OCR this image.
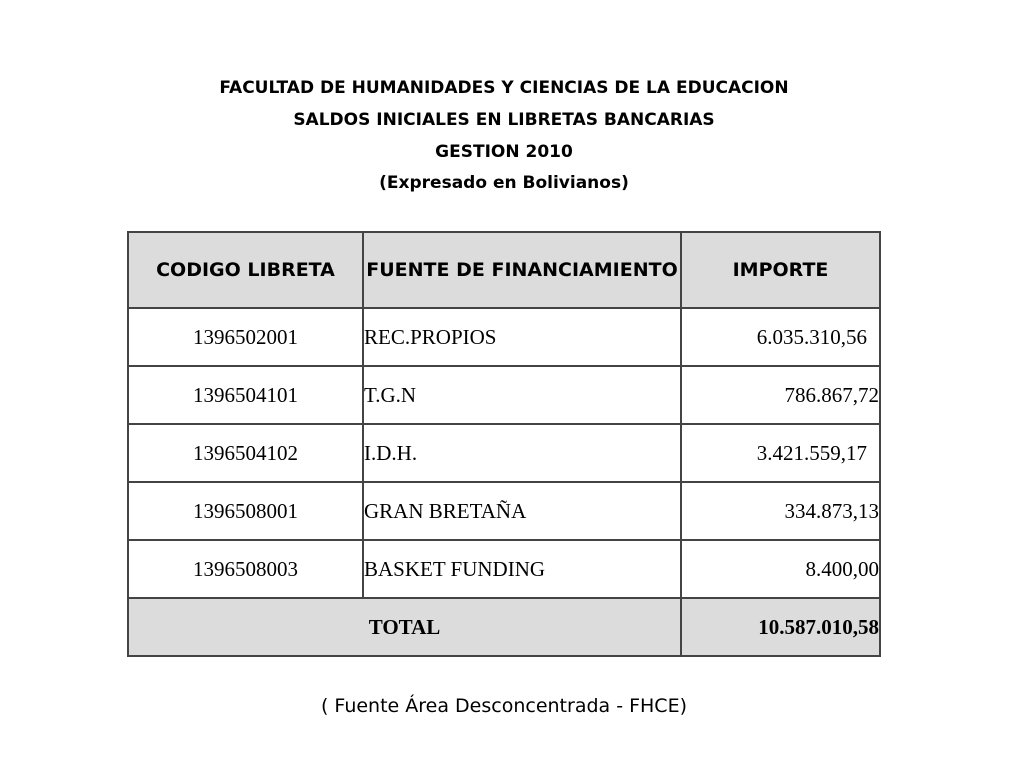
FACULTAD DE HUMANIDADES Y CIENCIAS DE LA EDUCACION
SALDOS INICIALES EN LIBRETAS BANCARIAS
GESTION 2010
(Expresado en Bolivianos)
CODIGO LIBRETA	FUENTE DE FINANCIAMIENTO	IMPORTE
1396502001	REC.PROPIOS	6.035.310,56
1396504101	T.G.N	786.867,72
1396504102	I.D.H.	3.421.559,17
1396508001	GRAN BRETAÑA	334.873,13
1396508003	BASKET FUNDING	8.400,00
TOTAL		10.587.010,58
( Fuente Área Desconcentrada - FHCE)
